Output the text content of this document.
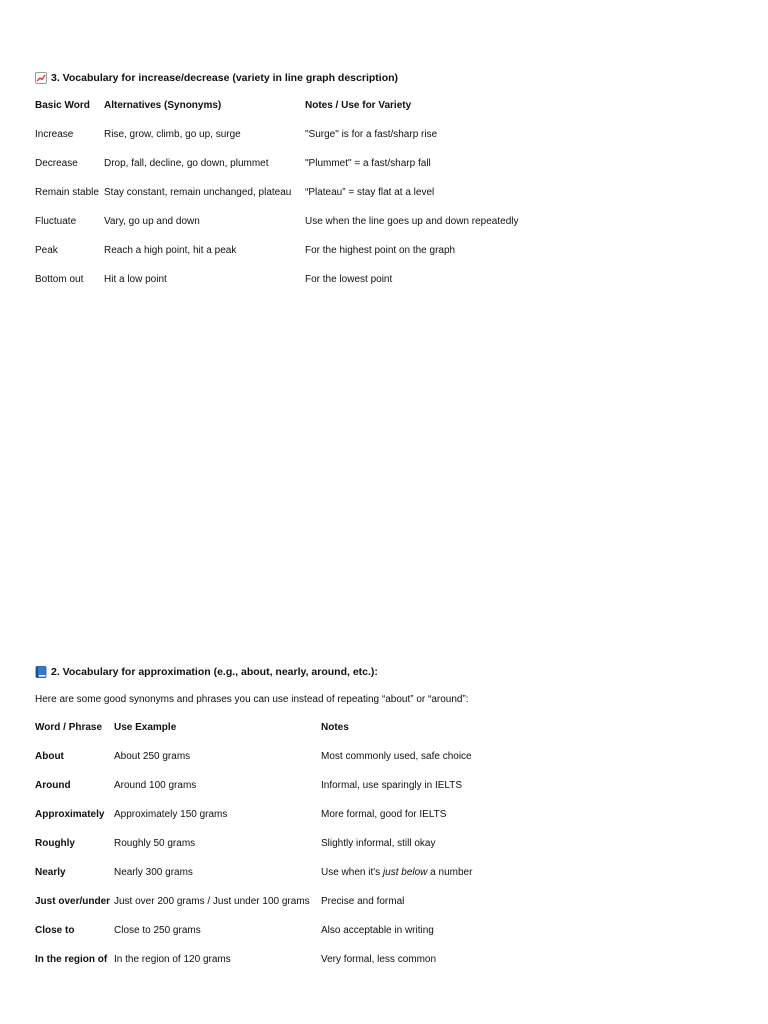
3. Vocabulary for increase/decrease (variety in line graph description)
Basic Word	Alternatives (Synonyms)	Notes / Use for Variety
Increase	Rise, grow, climb, go up, surge	"Surge" is for a fast/sharp rise
Decrease	Drop, fall, decline, go down, plummet	"Plummet" = a fast/sharp fall
Remain stable	Stay constant, remain unchanged, plateau	“Plateau” = stay flat at a level
Fluctuate	Vary, go up and down	Use when the line goes up and down repeatedly
Peak	Reach a high point, hit a peak	For the highest point on the graph
Bottom out	Hit a low point	For the lowest point
2. Vocabulary for approximation (e.g., about, nearly, around, etc.):
Here are some good synonyms and phrases you can use instead of repeating “about” or “around”:
Word / Phrase	Use Example	Notes
About	About 250 grams	Most commonly used, safe choice
Around	Around 100 grams	Informal, use sparingly in IELTS
Approximately	Approximately 150 grams	More formal, good for IELTS
Roughly	Roughly 50 grams	Slightly informal, still okay
Nearly	Nearly 300 grams	Use when it's just below a number
Just over/under	Just over 200 grams / Just under 100 grams	Precise and formal
Close to	Close to 250 grams	Also acceptable in writing
In the region of	In the region of 120 grams	Very formal, less common
